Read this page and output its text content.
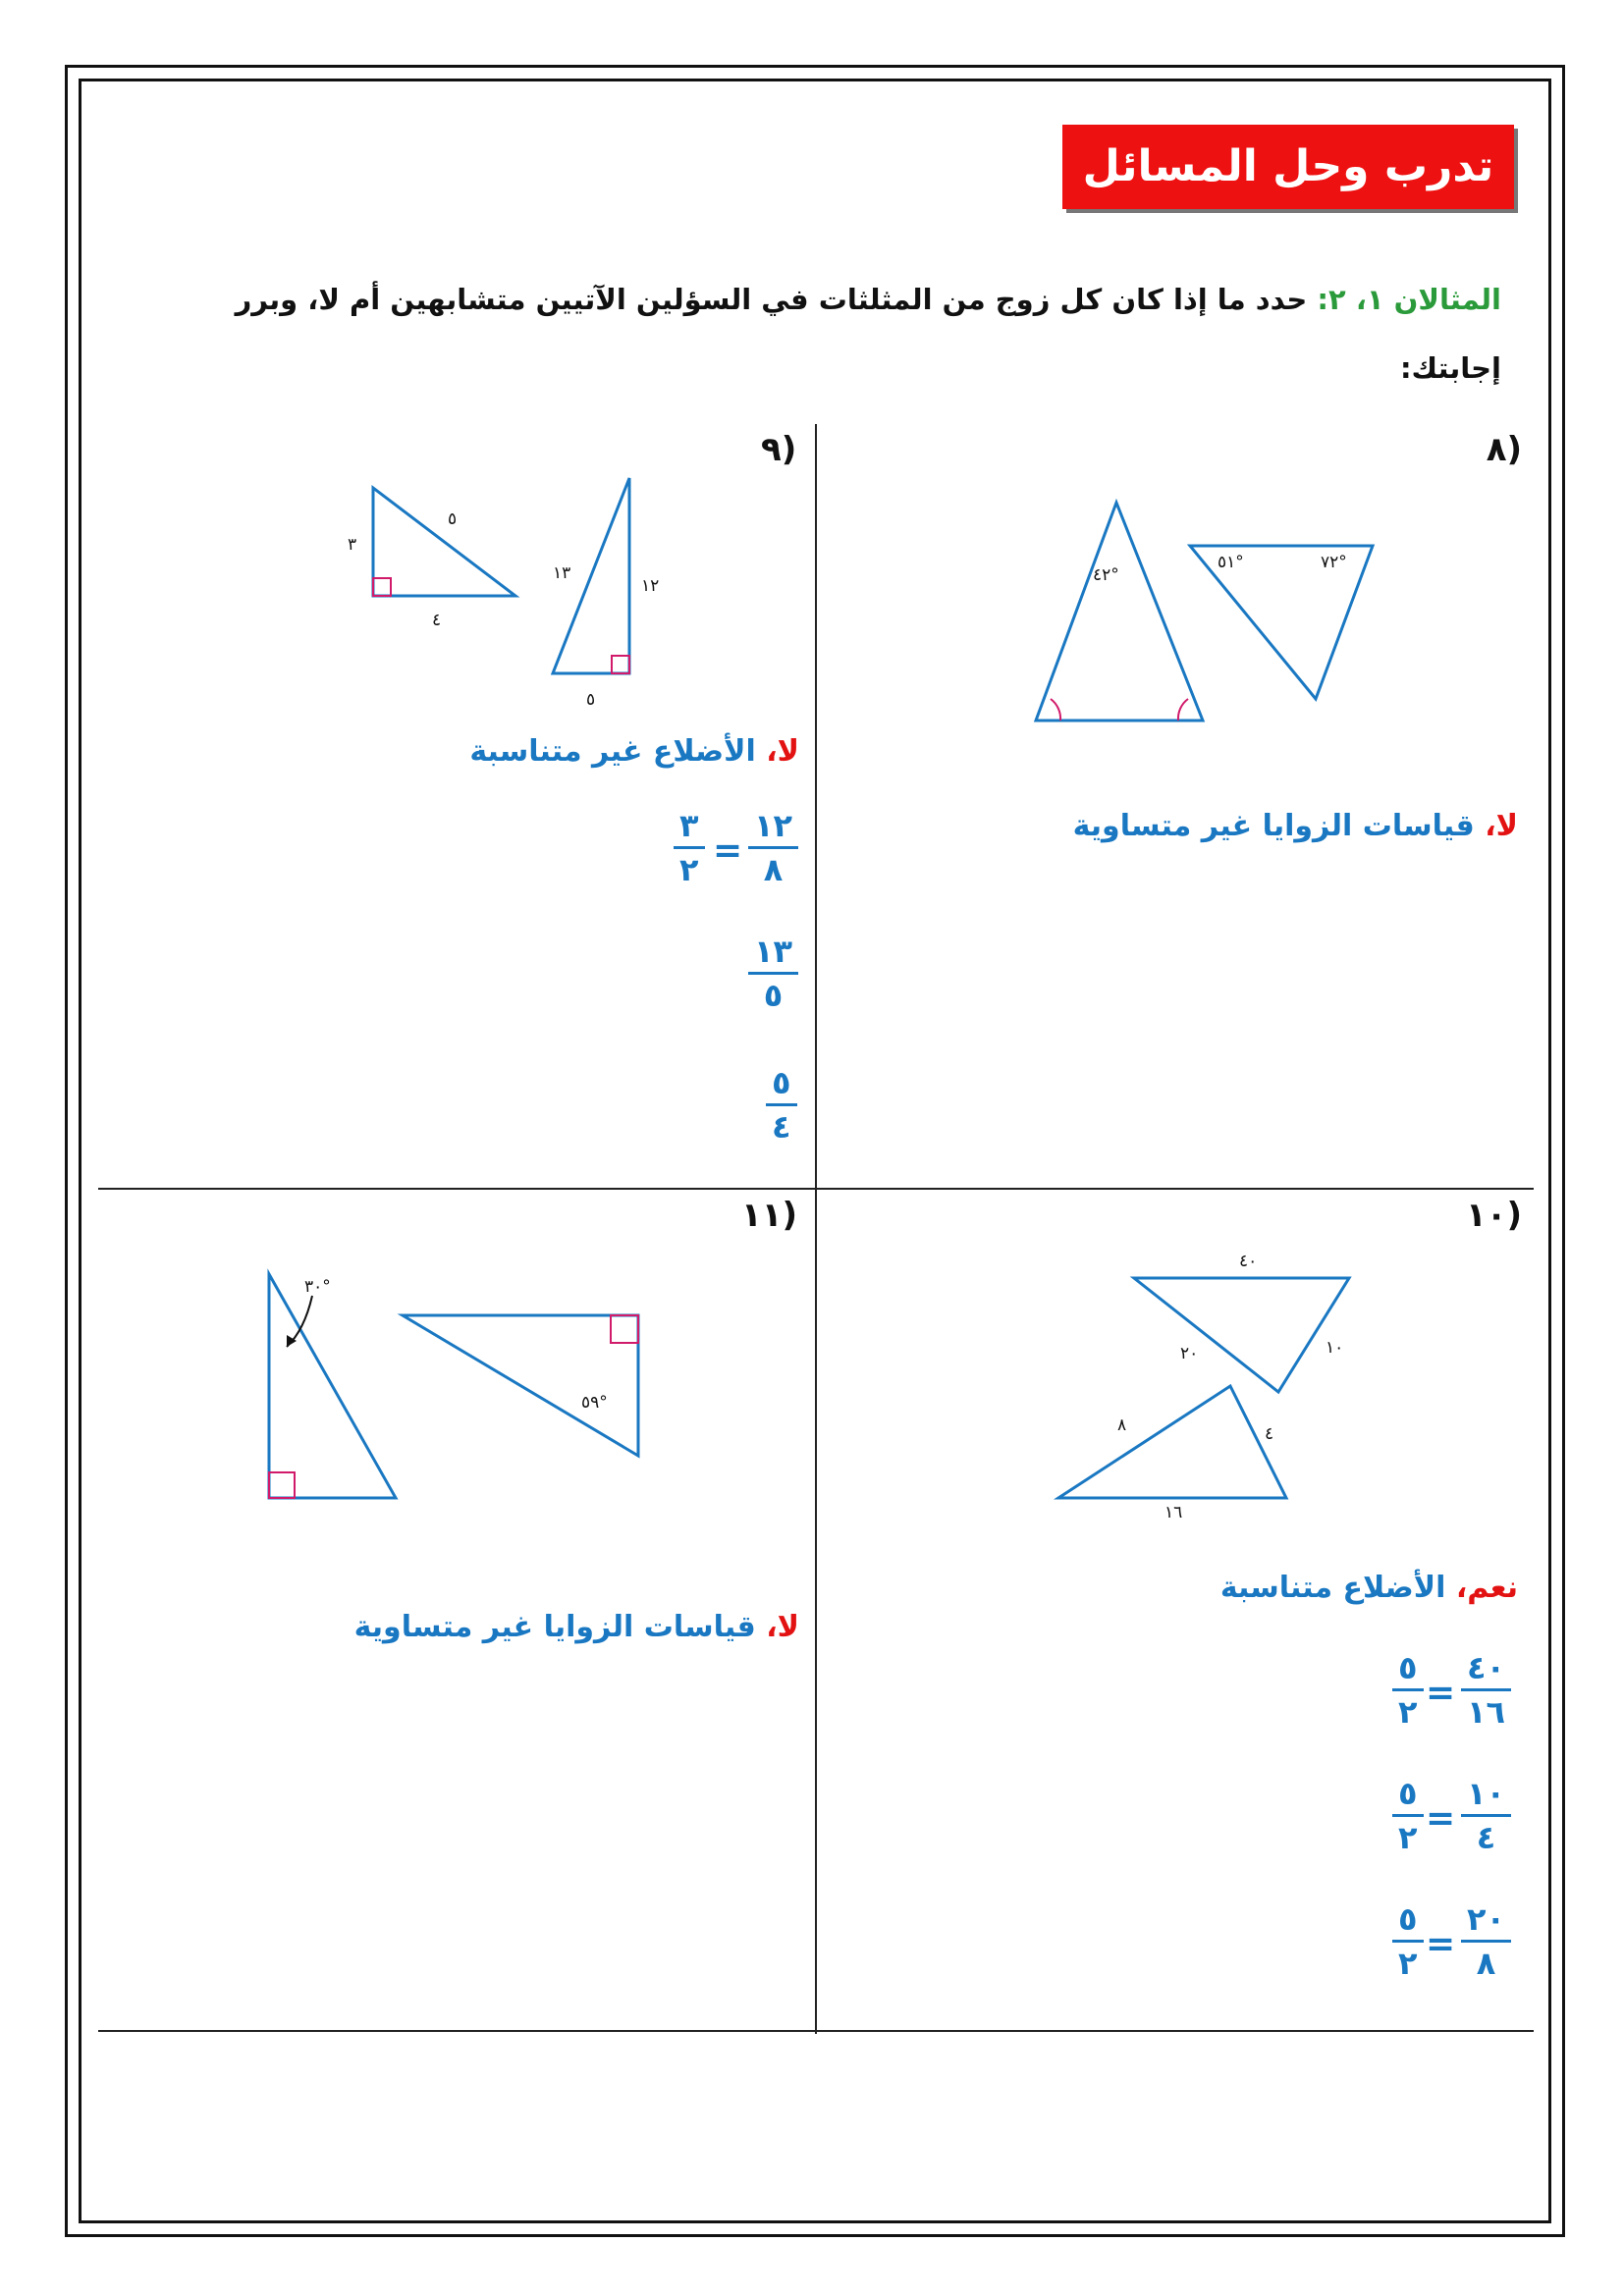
تدرب وحل المسائل
المثالان ١، ٢: حدد ما إذا كان كل زوج من المثلثات في السؤلين الآتيين متشابهين أم لا، وبرر إجابتك:
(٨
(٩
(١٠
(١١
٤٢°
٥١°	٧٢°
٥
٣
٤
١٣
١٢
٥
٤٠
٢٠	١٠
٨	٤
١٦
٣٠°
٥٩°
لا، قياسات الزوايا غير متساوية
لا، الأضلاع غير متناسبة
نعم، الأضلاع متناسبة
لا، قياسات الزوايا غير متساوية
١٢
٨
=
٣
٢
١٣
٥
٥
٤
٤٠
١٦
=
٥
٢
١٠
٤
=
٥
٢
٢٠
٨
=
٥
٢
